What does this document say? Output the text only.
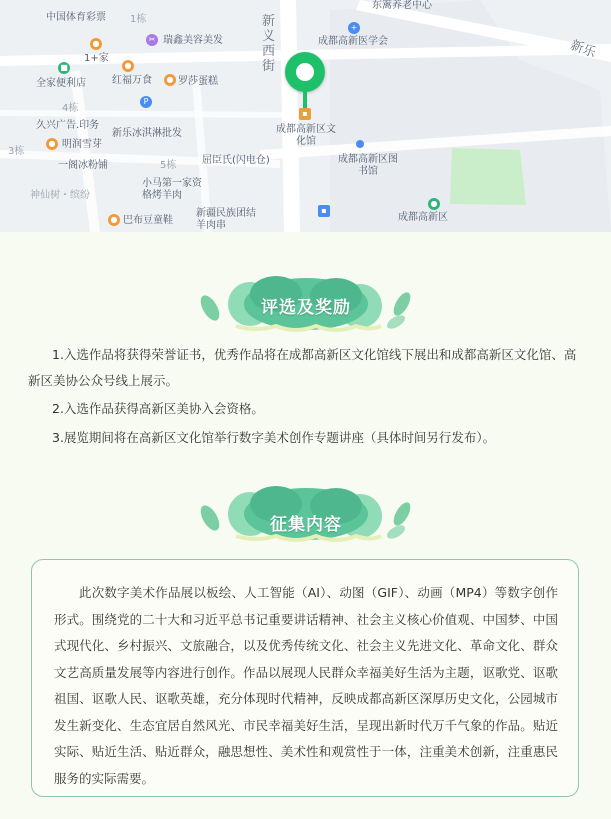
中国体育彩票
东篱养老中心
1栋
✂ 瑞鑫美容美发
●
1+家
+
成都高新医学会
■
全家便利店
●
红福万食	● 罗莎蛋糕
新义西街
新乐
P
4栋
久兴广告.印务
新乐冰淇淋批发
● 明润雪芽
3栋
▪
成都高新区文化馆
成都高新区图书馆
一阁冰粉铺	5栋	屈臣氏(闪电仓)
小马第一家资格烤羊肉
神仙树・缤纷
新疆民族团结羊肉串
● 巴布豆童鞋
▪
●
成都高新区
评选及奖励

1.入选作品将获得荣誉证书，优秀作品将在成都高新区文化馆线下展出和成都高新区文化馆、高新区美协公众号线上展示。

2.入选作品获得高新区美协入会资格。

3.展览期间将在高新区文化馆举行数字美术创作专题讲座（具体时间另行发布）。

征集内容

此次数字美术作品展以板绘、人工智能（AI）、动图（GIF）、动画（MP4）等数字创作形式。围绕党的二十大和习近平总书记重要讲话精神、社会主义核心价值观、中国梦、中国式现代化、乡村振兴、文旅融合，以及优秀传统文化、社会主义先进文化、革命文化、群众文艺高质量发展等内容进行创作。作品以展现人民群众幸福美好生活为主题，讴歌党、讴歌祖国、讴歌人民、讴歌英雄，充分体现时代精神，反映成都高新区深厚历史文化，公园城市发生新变化、生态宜居自然风光、市民幸福美好生活，呈现出新时代万千气象的作品。贴近实际、贴近生活、贴近群众，融思想性、美术性和观赏性于一体，注重美术创新，注重惠民服务的实际需要。
